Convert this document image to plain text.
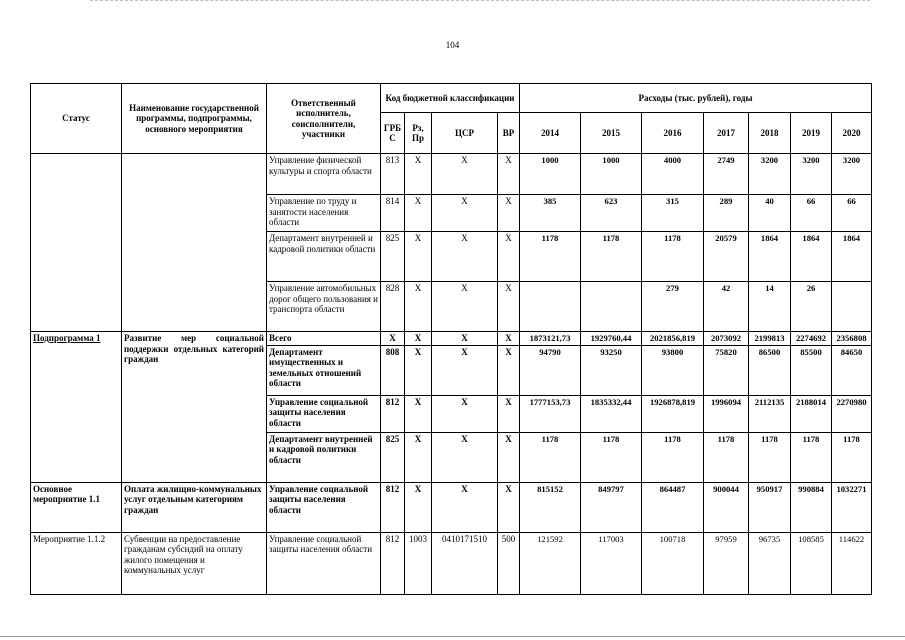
104
Статус	Наименование государственной программы, подпрограммы, основного мероприятия	Ответственный исполнитель, соисполнители, участники	Код бюджетной классификации				Расходы (тыс. рублей), годы						
			ГРБ С	Рз, Пр	ЦСР	ВР	2014	2015	2016	2017	2018	2019	2020
		Управление физической культуры и спорта области	813	X	X	X	1000	1000	4000	2749	3200	3200	3200
		Управление по труду и занятости населения области	814	X	X	X	385	623	315	289	40	66	66
		Департамент внутренней и кадровой политики области	825	X	X	X	1178	1178	1178	20579	1864	1864	1864
		Управление автомобильных дорог общего пользования и транспорта области	828	X	X	X			279	42	14	26	
Подпрограмма 1	Развитие мер социальной поддержки отдельных категорий граждан	Всего	X	X	X	X	1873121,73	1929760,44	2021856,819	2073092	2199813	2274692	2356808
		Департамент имущественных и земельных отношений области	808	X	X	X	94790	93250	93800	75820	86500	85500	84650
		Управление социальной защиты населения области	812	X	X	X	1777153,73	1835332,44	1926878,819	1996094	2112135	2188014	2270980
		Департамент внутренней и кадровой политики области	825	X	X	X	1178	1178	1178	1178	1178	1178	1178
Основное мероприятие 1.1	Оплата жилищно-коммунальных услуг отдельным категориям граждан	Управление социальной защиты населения области	812	X	X	X	815152	849797	864487	900044	950917	990884	1032271
Мероприятие 1.1.2	Субвенции на предоставление гражданам субсидий на оплату жилого помещения и коммунальных услуг	Управление социальной защиты населения области	812	1003	0410171510	500	121592	117003	100718	97959	96735	108585	114622
